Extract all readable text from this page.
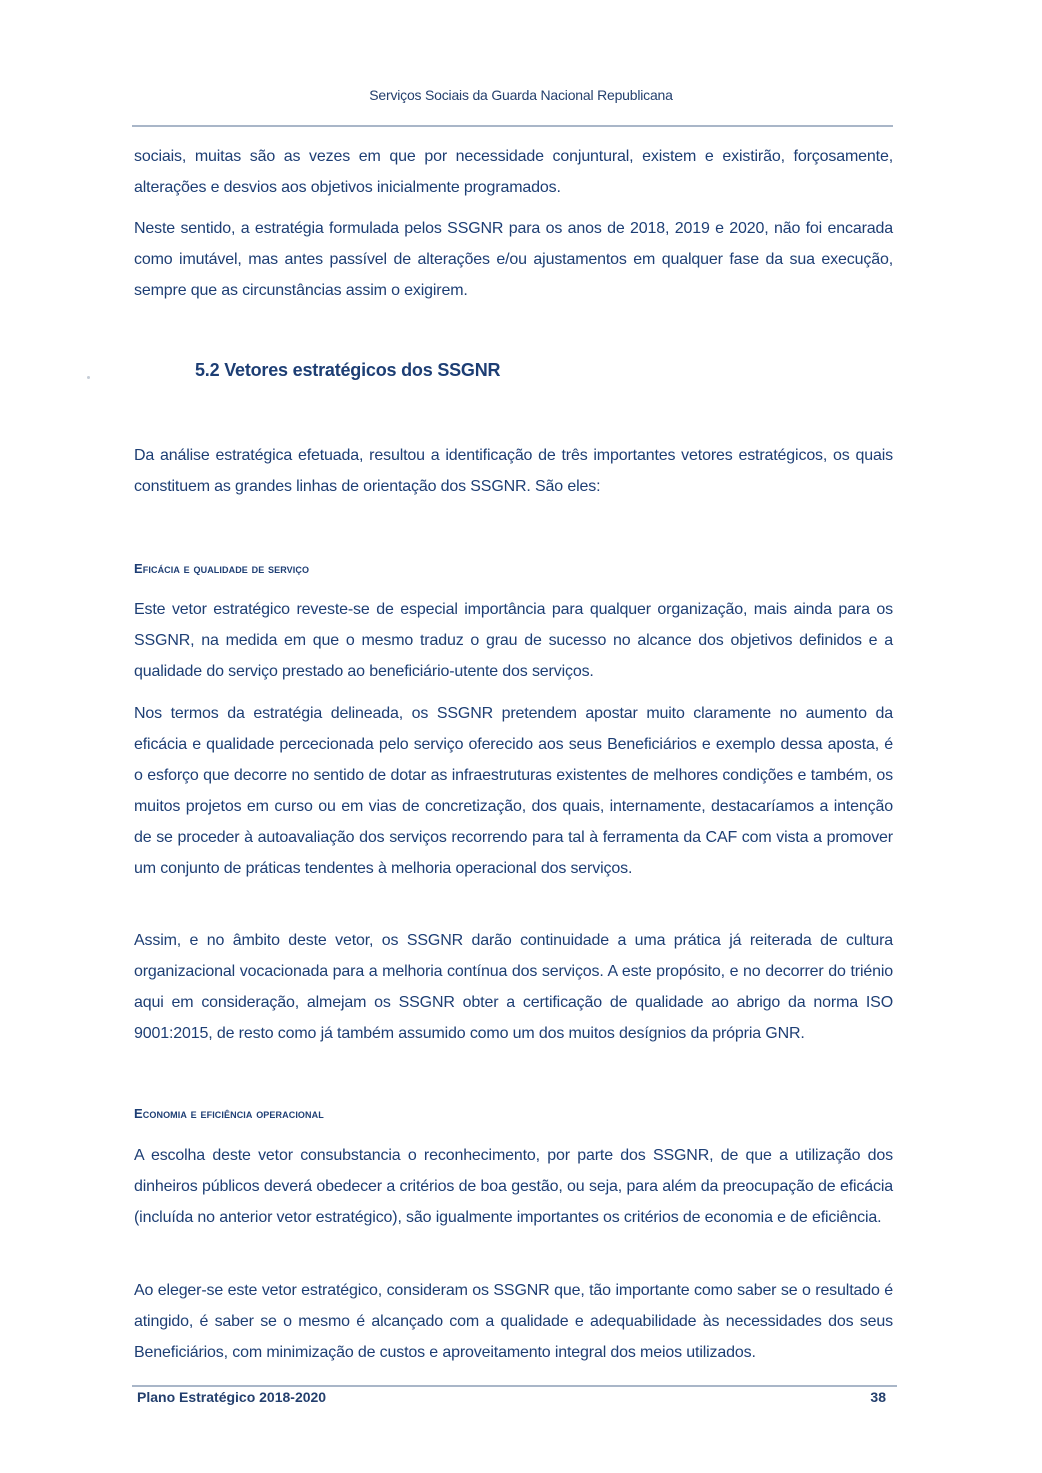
Serviços Sociais da Guarda Nacional Republicana

sociais, muitas são as vezes em que por necessidade conjuntural, existem e existirão, forçosamente, alterações e desvios aos objetivos inicialmente programados.

Neste sentido, a estratégia formulada pelos SSGNR para os anos de 2018, 2019 e 2020, não foi encarada como imutável, mas antes passível de alterações e/ou ajustamentos em qualquer fase da sua execução, sempre que as circunstâncias assim o exigirem.

5.2 Vetores estratégicos dos SSGNR

Da análise estratégica efetuada, resultou a identificação de três importantes vetores estratégicos, os quais constituem as grandes linhas de orientação dos SSGNR. São eles:

Eficácia e qualidade de serviço

Este vetor estratégico reveste-se de especial importância para qualquer organização, mais ainda para os SSGNR, na medida em que o mesmo traduz o grau de sucesso no alcance dos objetivos definidos e a qualidade do serviço prestado ao beneficiário-utente dos serviços.

Nos termos da estratégia delineada, os SSGNR pretendem apostar muito claramente no aumento da eficácia e qualidade percecionada pelo serviço oferecido aos seus Beneficiários e exemplo dessa aposta, é o esforço que decorre no sentido de dotar as infraestruturas existentes de melhores condições e também, os muitos projetos em curso ou em vias de concretização, dos quais, internamente, destacaríamos a intenção de se proceder à autoavaliação dos serviços recorrendo para tal à ferramenta da CAF com vista a promover um conjunto de práticas tendentes à melhoria operacional dos serviços.

Assim, e no âmbito deste vetor, os SSGNR darão continuidade a uma prática já reiterada de cultura organizacional vocacionada para a melhoria contínua dos serviços. A este propósito, e no decorrer do triénio aqui em consideração, almejam os SSGNR obter a certificação de qualidade ao abrigo da norma ISO 9001:2015, de resto como já também assumido como um dos muitos desígnios da própria GNR.

Economia e eficiência operacional

A escolha deste vetor consubstancia o reconhecimento, por parte dos SSGNR, de que a utilização dos dinheiros públicos deverá obedecer a critérios de boa gestão, ou seja, para além da preocupação de eficácia (incluída no anterior vetor estratégico), são igualmente importantes os critérios de economia e de eficiência.

Ao eleger-se este vetor estratégico, consideram os SSGNR que, tão importante como saber se o resultado é atingido, é saber se o mesmo é alcançado com a qualidade e adequabilidade às necessidades dos seus Beneficiários, com minimização de custos e aproveitamento integral dos meios utilizados.

Plano Estratégico 2018-2020	38
